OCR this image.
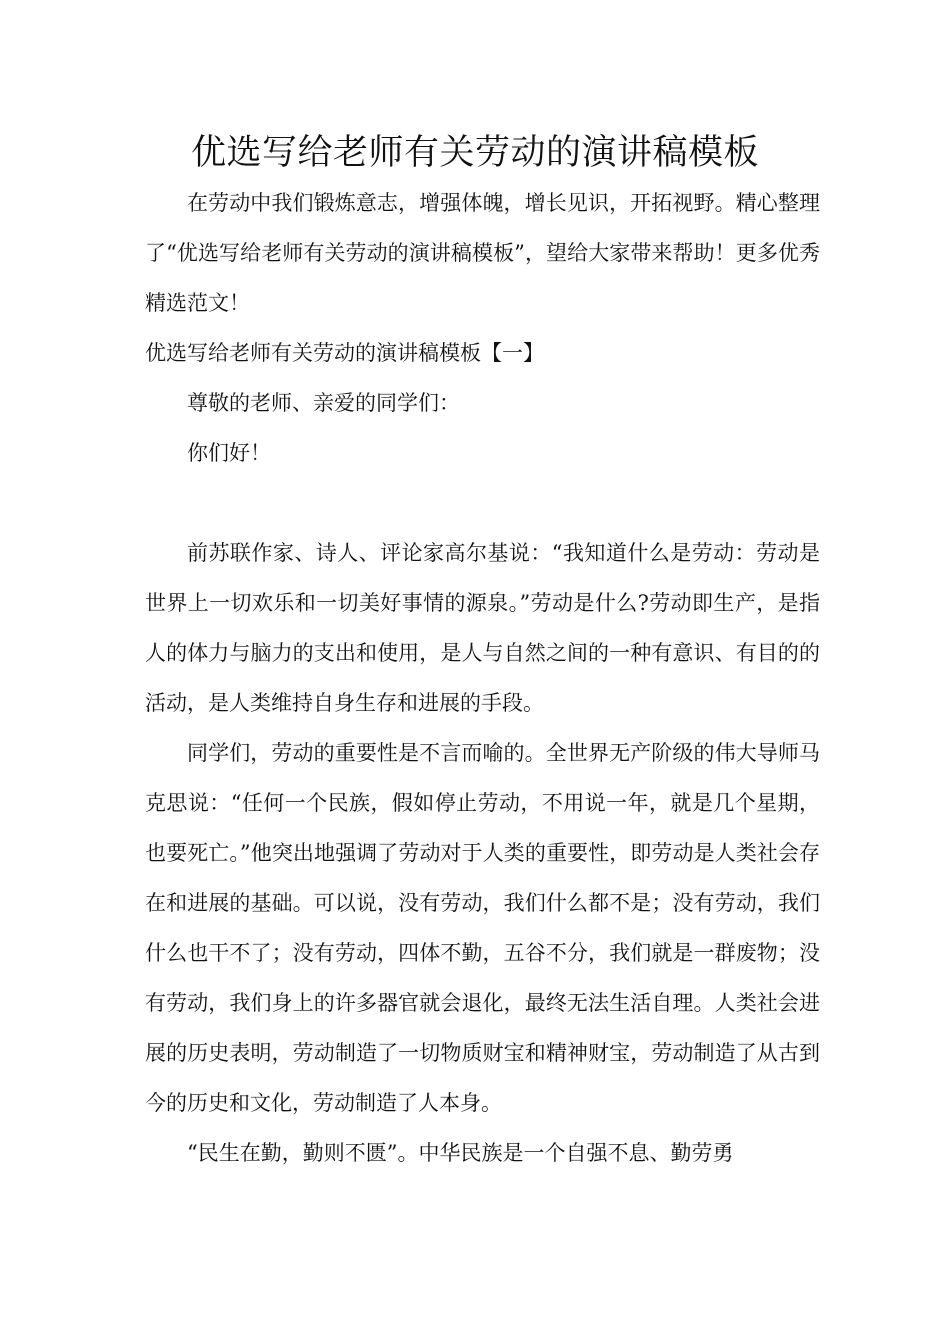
优选写给老师有关劳动的演讲稿模板

在劳动中我们锻炼意志，增强体魄，增长见识，开拓视野。精心整理了“优选写给老师有关劳动的演讲稿模板”，望给大家带来帮助！更多优秀精选范文！

优选写给老师有关劳动的演讲稿模板【一】

尊敬的老师、亲爱的同学们：

你们好！

前苏联作家、诗人、评论家高尔基说：“我知道什么是劳动：劳动是世界上一切欢乐和一切美好事情的源泉。”劳动是什么?劳动即生产，是指人的体力与脑力的支出和使用，是人与自然之间的一种有意识、有目的的活动，是人类维持自身生存和进展的手段。

同学们，劳动的重要性是不言而喻的。全世界无产阶级的伟大导师马克思说：“任何一个民族，假如停止劳动，不用说一年，就是几个星期，也要死亡。”他突出地强调了劳动对于人类的重要性，即劳动是人类社会存在和进展的基础。可以说，没有劳动，我们什么都不是；没有劳动，我们什么也干不了；没有劳动，四体不勤，五谷不分，我们就是一群废物；没有劳动，我们身上的许多器官就会退化，最终无法生活自理。人类社会进展的历史表明，劳动制造了一切物质财宝和精神财宝，劳动制造了从古到今的历史和文化，劳动制造了人本身。

“民生在勤，勤则不匮”。中华民族是一个自强不息、勤劳勇
